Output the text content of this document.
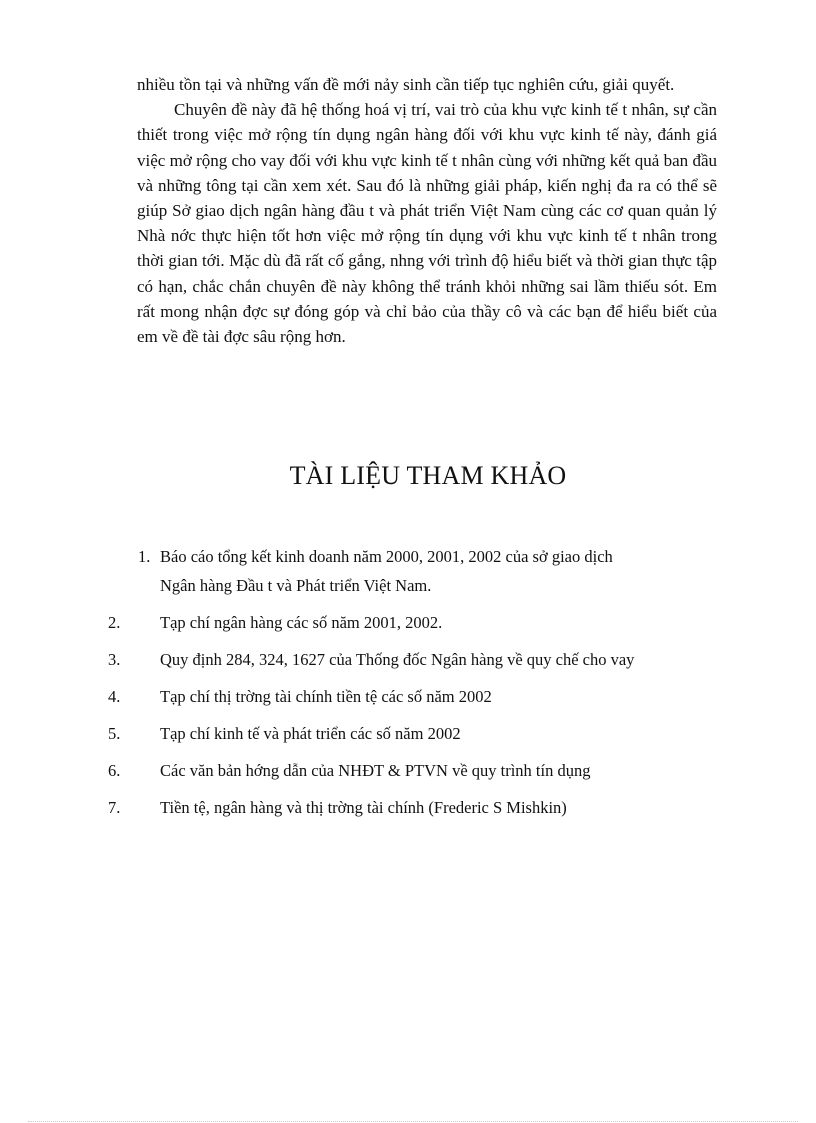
nhiều tồn tại và những vấn đề mới nảy sinh cần tiếp tục nghiên cứu, giải quyết.

Chuyên đề này đã hệ thống hoá vị trí, vai trò của khu vực kinh tế t nhân, sự cần thiết trong việc mở rộng tín dụng ngân hàng đối với khu vực kinh tế này, đánh giá việc mở rộng cho vay đối với khu vực kinh tế t nhân cùng với những kết quả ban đầu và những tông tại cần xem xét. Sau đó là những giải pháp, kiến nghị đa ra có thể sẽ giúp Sở giao dịch ngân hàng đầu t và phát triển Việt Nam cùng các cơ quan quản lý Nhà nớc thực hiện tốt hơn việc mở rộng tín dụng với khu vực kinh tế t nhân trong thời gian tới. Mặc dù đã rất cố gắng, nhng với trình độ hiểu biết và thời gian thực tập có hạn, chắc chắn chuyên đề này không thể tránh khỏi những sai lầm thiếu sót. Em rất mong nhận đợc sự đóng góp và chỉ bảo của thầy cô và các bạn để hiểu biết của em về đề tài đợc sâu rộng hơn.

TÀI LIỆU THAM KHẢO
1. Báo cáo tổng kết kinh doanh năm 2000, 2001, 2002 của sở giao dịch
Ngân hàng Đầu t và Phát triển Việt Nam.
2.	Tạp chí ngân hàng các số năm 2001, 2002.
3.	Quy định 284, 324, 1627 của Thống đốc Ngân hàng về quy chế cho vay
4.	Tạp chí thị trờng tài chính tiền tệ các số năm 2002
5.	Tạp chí kinh tế và phát triển các số năm 2002
6.	Các văn bản hớng dẫn của NHĐT & PTVN về quy trình tín dụng
7.	Tiền tệ, ngân hàng và thị trờng tài chính (Frederic S Mishkin)
